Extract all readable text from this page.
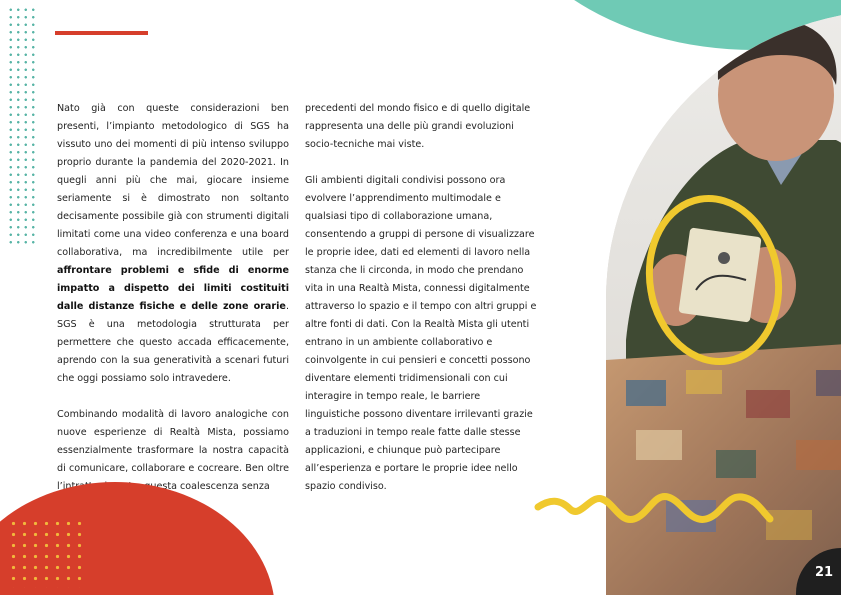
Nato già con queste considerazioni ben presenti, l’impianto metodologico di SGS ha vissuto uno dei momenti di più intenso sviluppo proprio durante la pandemia del 2020-2021. In quegli anni più che mai, giocare insieme seriamente si è dimostrato non soltanto decisamente possibile già con strumenti digitali limitati come una video conferenza e una board collaborativa, ma incredibilmente utile per affrontare problemi e sfide di enorme impatto a dispetto dei limiti costituiti dalle distanze fisiche e delle zone orarie. SGS è una metodologia strutturata per permettere che questo accada efficacemente, aprendo con la sua generatività a scenari futuri che oggi possiamo solo intravedere.

Combinando modalità di lavoro analogiche con nuove esperienze di Realtà Mista, possiamo essenzialmente trasformare la nostra capacità di comunicare, collaborare e cocreare. Ben oltre l’intrattenimento, questa coalescenza senza

precedenti del mondo fisico e di quello digitale rappresenta una delle più grandi evoluzioni socio-tecniche mai viste.

Gli ambienti digitali condivisi possono ora evolvere l’apprendimento multimodale e qualsiasi tipo di collaborazione umana, consentendo a gruppi di persone di visualizzare le proprie idee, dati ed elementi di lavoro nella stanza che li circonda, in modo che prendano vita in una Realtà Mista, connessi digitalmente attraverso lo spazio e il tempo con altri gruppi e altre fonti di dati. Con la Realtà Mista gli utenti entrano in un ambiente collaborativo e coinvolgente in cui pensieri e concetti possono diventare elementi tridimensionali con cui interagire in tempo reale, le barriere linguistiche possono diventare irrilevanti grazie a traduzioni in tempo reale fatte dalle stesse applicazioni, e chiunque può partecipare all’esperienza e portare le proprie idee nello spazio condiviso.

21
